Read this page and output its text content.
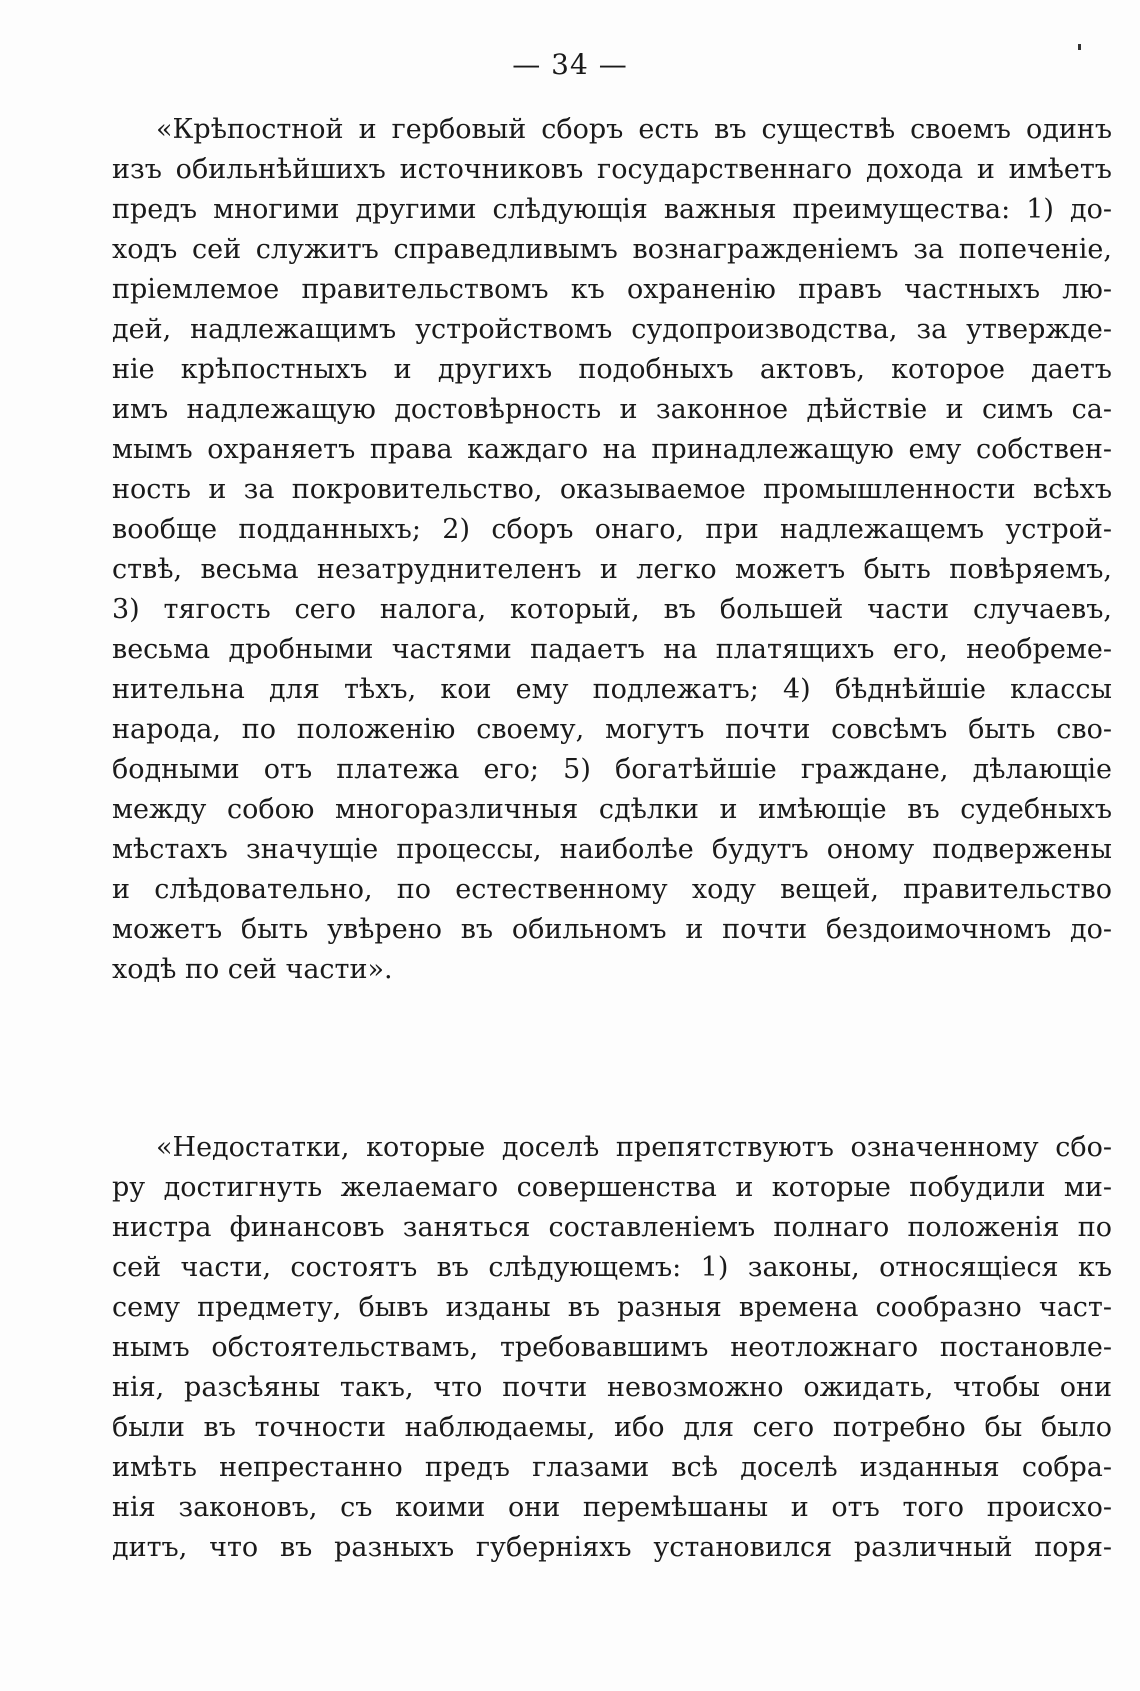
— 34 —
«Крѣпостной и гербовый сборъ есть въ существѣ своемъ одинъ
изъ обильнѣйшихъ источниковъ государственнаго дохода и имѣетъ
предъ многими другими слѣдующія важныя преимущества: 1) до-
ходъ сей служитъ справедливымъ вознагражденіемъ за попеченіе,
пріемлемое правительствомъ къ охраненію правъ частныхъ лю-
дей, надлежащимъ устройствомъ судопроизводства, за утвержде-
ніе крѣпостныхъ и другихъ подобныхъ актовъ, которое даетъ
имъ надлежащую достовѣрность и законное дѣйствіе и симъ са-
мымъ охраняетъ права каждаго на принадлежащую ему собствен-
ность и за покровительство, оказываемое промышленности всѣхъ
вообще подданныхъ; 2) сборъ онаго, при надлежащемъ устрой-
ствѣ, весьма незатруднителенъ и легко можетъ быть повѣряемъ,
3) тягость сего налога, который, въ большей части случаевъ,
весьма дробными частями падаетъ на платящихъ его, необреме-
нительна для тѣхъ, кои ему подлежатъ; 4) бѣднѣйшіе классы
народа, по положенію своему, могутъ почти совсѣмъ быть сво-
бодными отъ платежа его; 5) богатѣйшіе граждане, дѣлающіе
между собою многоразличныя сдѣлки и имѣющіе въ судебныхъ
мѣстахъ значущіе процессы, наиболѣе будутъ оному подвержены
и слѣдовательно, по естественному ходу вещей, правительство
можетъ быть увѣрено въ обильномъ и почти бездоимочномъ до-
ходѣ по сей части».
«Недостатки, которые доселѣ препятствуютъ означенному сбо-
ру достигнуть желаемаго совершенства и которые побудили ми-
нистра финансовъ заняться составленіемъ полнаго положенія по
сей части, состоятъ въ слѣдующемъ: 1) законы, относящіеся къ
сему предмету, бывъ изданы въ разныя времена сообразно част-
нымъ обстоятельствамъ, требовавшимъ неотложнаго постановле-
нія, разсѣяны такъ, что почти невозможно ожидать, чтобы они
были въ точности наблюдаемы, ибо для сего потребно бы было
имѣть непрестанно предъ глазами всѣ доселѣ изданныя собра-
нія законовъ, съ коими они перемѣшаны и отъ того происхо-
дитъ, что въ разныхъ губерніяхъ установился различный поря-
